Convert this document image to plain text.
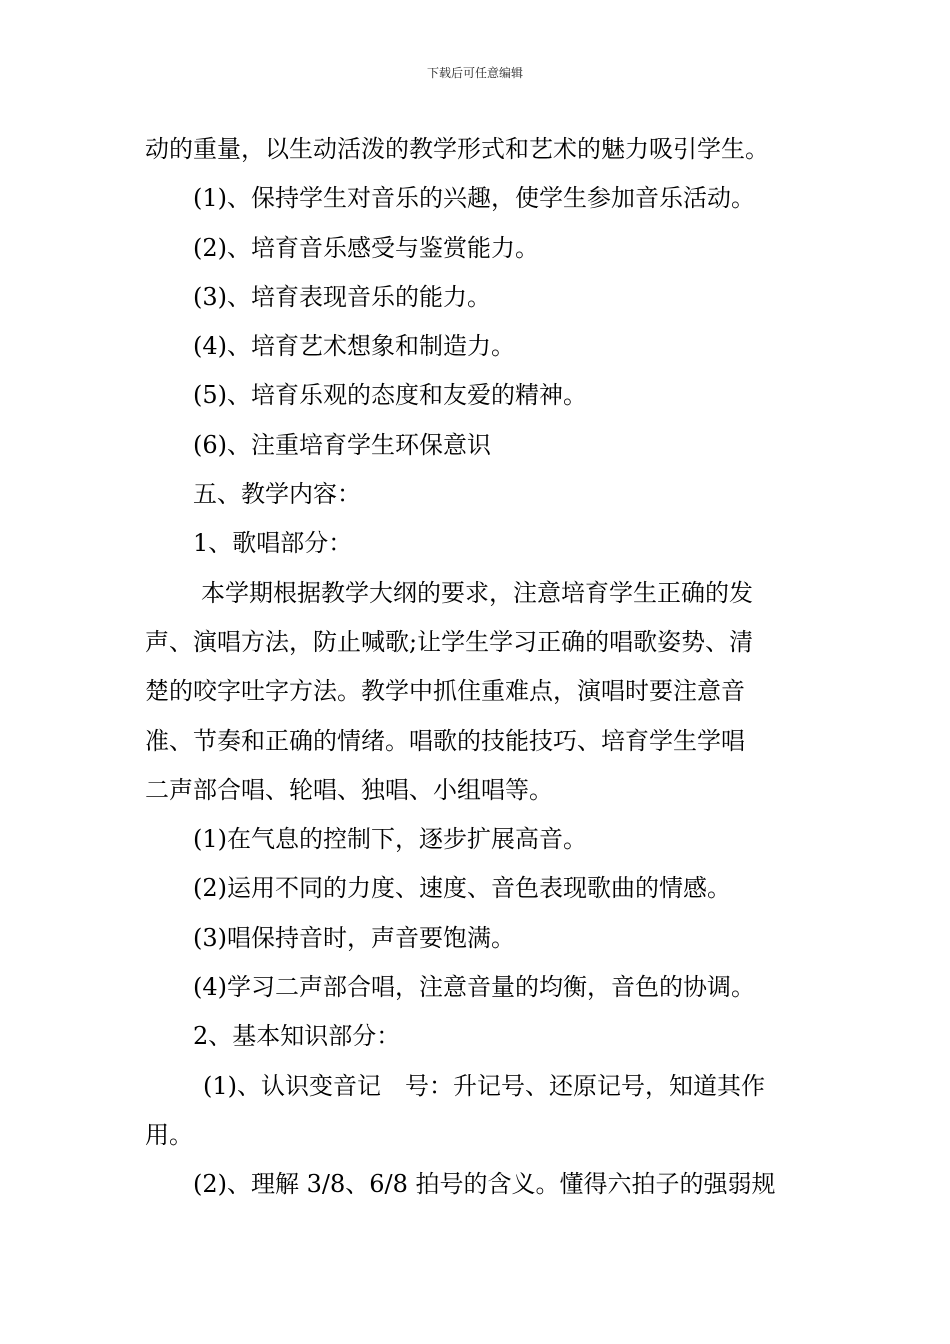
下载后可任意编辑
动的重量，以生动活泼的教学形式和艺术的魅力吸引学生。
(1)、保持学生对音乐的兴趣，使学生参加音乐活动。
(2)、培育音乐感受与鉴赏能力。
(3)、培育表现音乐的能力。
(4)、培育艺术想象和制造力。
(5)、培育乐观的态度和友爱的精神。
(6)、注重培育学生环保意识
五、教学内容：
1、歌唱部分：
本学期根据教学大纲的要求，注意培育学生正确的发
声、演唱方法，防止喊歌;让学生学习正确的唱歌姿势、清
楚的咬字吐字方法。教学中抓住重难点，演唱时要注意音
准、节奏和正确的情绪。唱歌的技能技巧、培育学生学唱
二声部合唱、轮唱、独唱、小组唱等。
(1)在气息的控制下，逐步扩展高音。
(2)运用不同的力度、速度、音色表现歌曲的情感。
(3)唱保持音时，声音要饱满。
(4)学习二声部合唱，注意音量的均衡，音色的协调。
2、基本知识部分：
(1)、认识变音记　号：升记号、还原记号，知道其作
用。
(2)、理解 3/8、6/8 拍号的含义。懂得六拍子的强弱规
